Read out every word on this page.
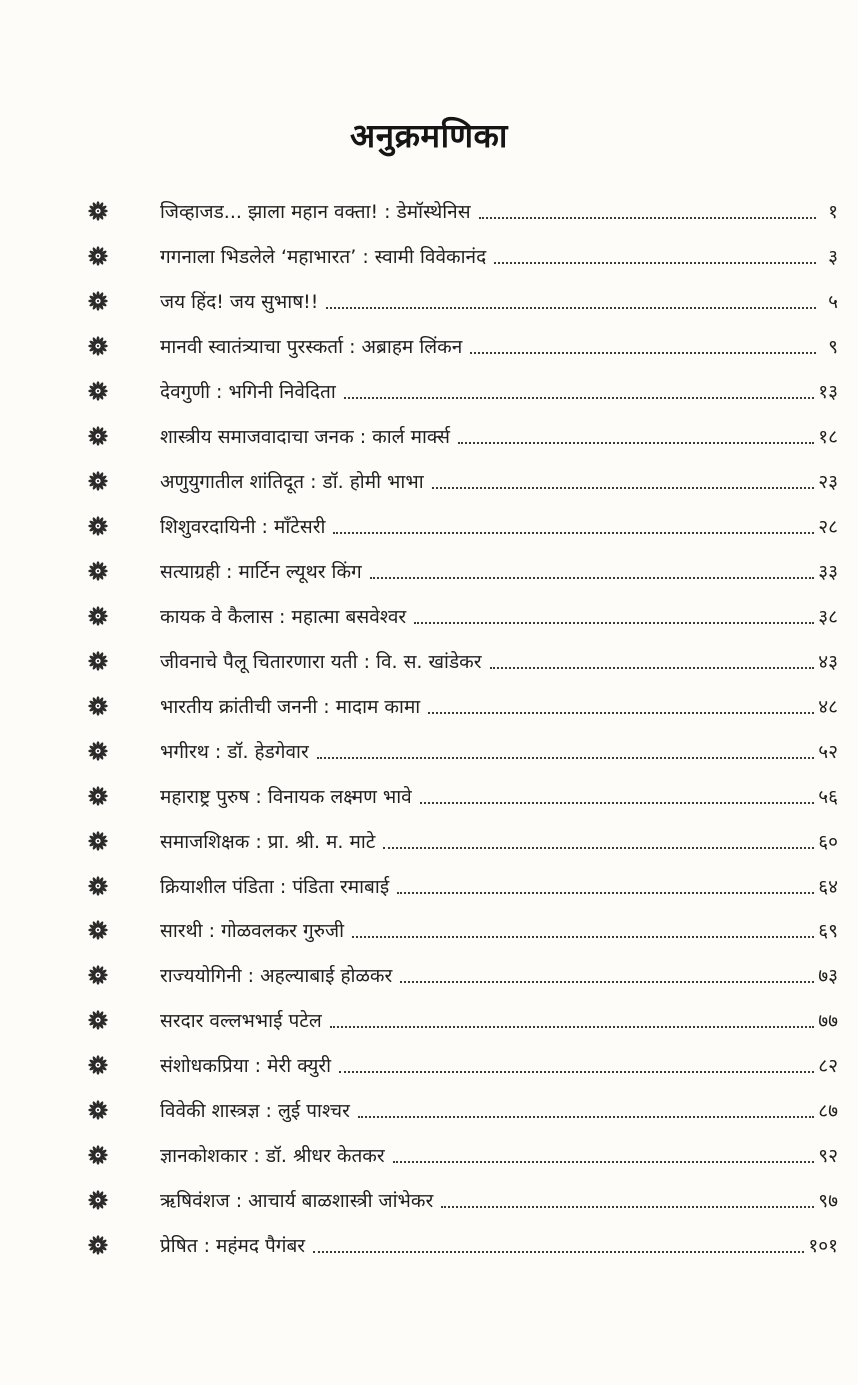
अनुक्रमणिका
जिव्हाजड... झाला महान वक्ता! : डेमॉस्थेनिस	१
गगनाला भिडलेले ‘महाभारत’ : स्वामी विवेकानंद	३
जय हिंद! जय सुभाष!!	५
मानवी स्वातंत्र्याचा पुरस्कर्ता : अब्राहम लिंकन	९
देवगुणी : भगिनी निवेदिता	१३
शास्त्रीय समाजवादाचा जनक : कार्ल मार्क्स	१८
अणुयुगातील शांतिदूत : डॉ. होमी भाभा	२३
शिशुवरदायिनी : माँटेसरी	२८
सत्याग्रही : मार्टिन ल्यूथर किंग	३३
कायक वे कैलास : महात्मा बसवेश्वर	३८
जीवनाचे पैलू चितारणारा यती : वि. स. खांडेकर	४३
भारतीय क्रांतीची जननी : मादाम कामा	४८
भगीरथ : डॉ. हेडगेवार	५२
महाराष्ट्र पुरुष : विनायक लक्ष्मण भावे	५६
समाजशिक्षक : प्रा. श्री. म. माटे	६०
क्रियाशील पंडिता : पंडिता रमाबाई	६४
सारथी : गोळवलकर गुरुजी	६९
राज्ययोगिनी : अहल्याबाई होळकर	७३
सरदार वल्लभभाई पटेल	७७
संशोधकप्रिया : मेरी क्युरी	८२
विवेकी शास्त्रज्ञ : लुई पाश्चर	८७
ज्ञानकोशकार : डॉ. श्रीधर केतकर	९२
ऋषिवंशज : आचार्य बाळशास्त्री जांभेकर	९७
प्रेषित : महंमद पैगंबर	१०१
